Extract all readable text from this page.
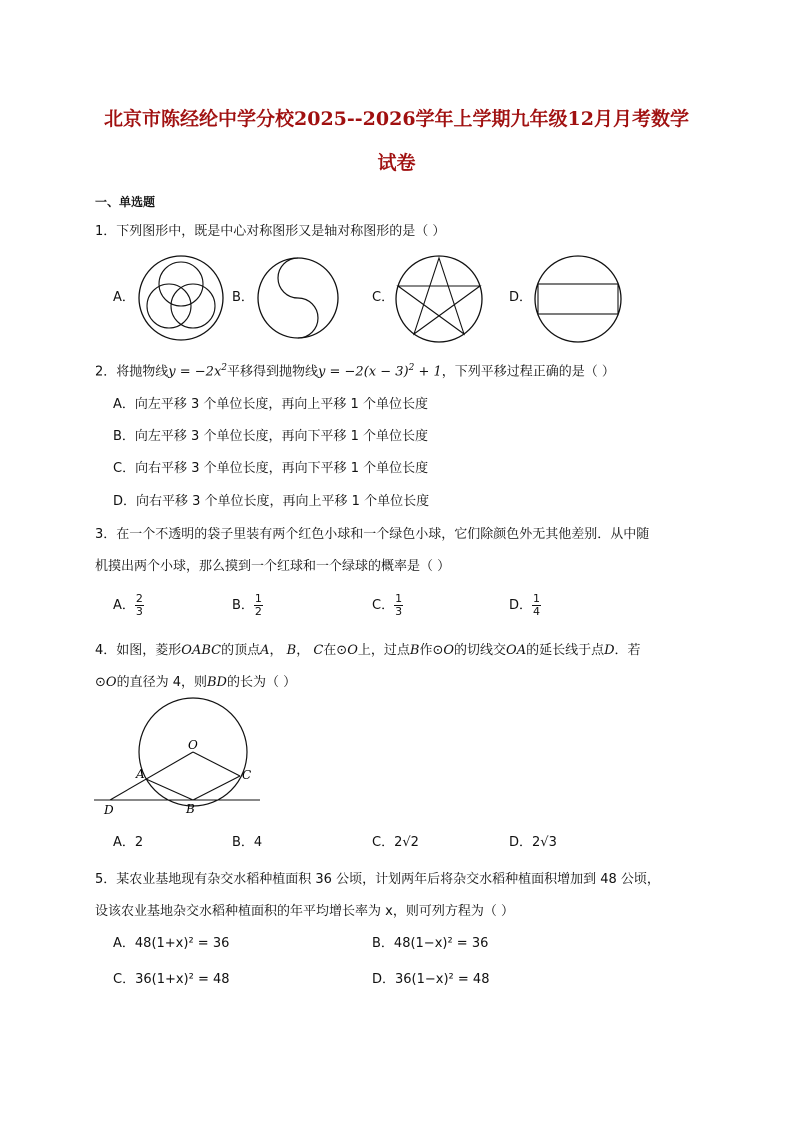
北京市陈经纶中学分校2025--2026学年上学期九年级12月月考数学
试卷
一、单选题
1．下列图形中，既是中心对称图形又是轴对称图形的是（ ）
A．	B．	C．	D．
2．将抛物线$y = -2x^2$平移得到抛物线$y = -2(x - 3)^2 + 1$，下列平移过程正确的是（ ）
A．向左平移 3 个单位长度，再向上平移 1 个单位长度
B．向左平移 3 个单位长度，再向下平移 1 个单位长度
C．向右平移 3 个单位长度，再向下平移 1 个单位长度
D．向右平移 3 个单位长度，再向上平移 1 个单位长度
3．在一个不透明的袋子里装有两个红色小球和一个绿色小球，它们除颜色外无其他差别．从中随
机摸出两个小球，那么摸到一个红球和一个绿球的概率是（ ）
A． $\frac{2}{3}$	B． $\frac{1}{2}$	C． $\frac{1}{3}$	D． $\frac{1}{4}$
4．如图，菱形OABC的顶点A， B， C在⊙O上，过点B作⊙O的切线交OA的延长线于点D．若
⊙O的直径为 4，则BD的长为（ ）
O
A	C
B
D
A．2	B．4	C．2√2	D．2√3
5．某农业基地现有杂交水稻种植面积 36 公顷，计划两年后将杂交水稻种植面积增加到 48 公顷，
设该农业基地杂交水稻种植面积的年平均增长率为 x，则可列方程为（ ）
A．48(1+x)² = 36	B．48(1−x)² = 36
C．36(1+x)² = 48	D．36(1−x)² = 48
